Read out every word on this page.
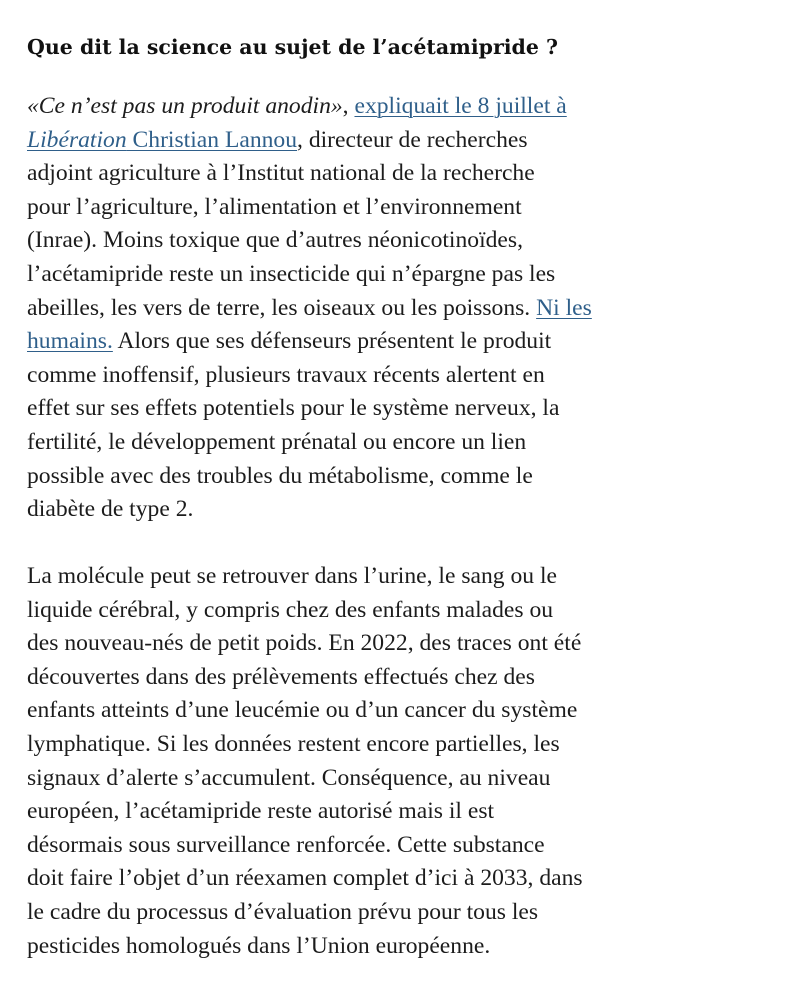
Que dit la science au sujet de l’acétamipride ?
«Ce n’est pas un produit anodin», expliquait le 8 juillet à
Libération Christian Lannou, directeur de recherches
adjoint agriculture à l’Institut national de la recherche
pour l’agriculture, l’alimentation et l’environnement
(Inrae). Moins toxique que d’autres néonicotinoïdes,
l’acétamipride reste un insecticide qui n’épargne pas les
abeilles, les vers de terre, les oiseaux ou les poissons. Ni les
humains. Alors que ses défenseurs présentent le produit
comme inoffensif, plusieurs travaux récents alertent en
effet sur ses effets potentiels pour le système nerveux, la
fertilité, le développement prénatal ou encore un lien
possible avec des troubles du métabolisme, comme le
diabète de type 2.
La molécule peut se retrouver dans l’urine, le sang ou le
liquide cérébral, y compris chez des enfants malades ou
des nouveau-nés de petit poids. En 2022, des traces ont été
découvertes dans des prélèvements effectués chez des
enfants atteints d’une leucémie ou d’un cancer du système
lymphatique. Si les données restent encore partielles, les
signaux d’alerte s’accumulent. Conséquence, au niveau
européen, l’acétamipride reste autorisé mais il est
désormais sous surveillance renforcée. Cette substance
doit faire l’objet d’un réexamen complet d’ici à 2033, dans
le cadre du processus d’évaluation prévu pour tous les
pesticides homologués dans l’Union européenne.
